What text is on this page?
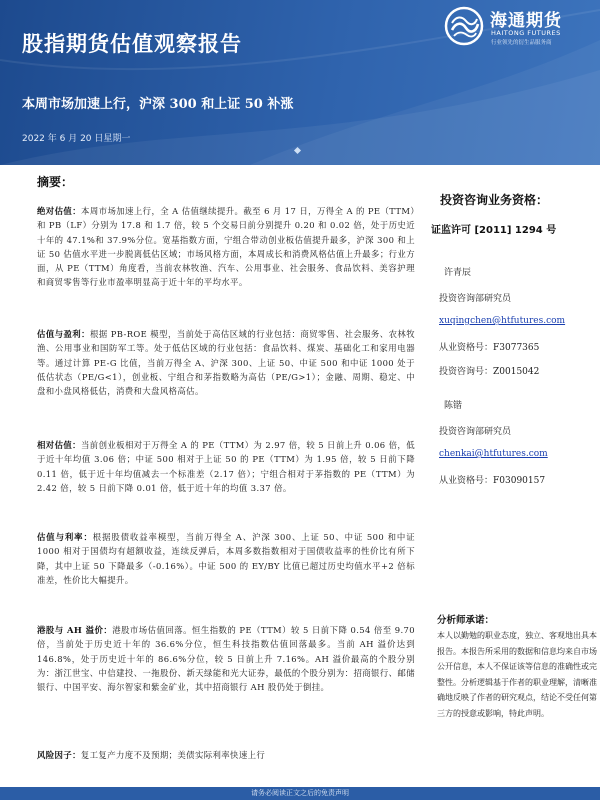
股指期货估值观察报告
本周市场加速上行，沪深 300 和上证 50 补涨
2022 年 6 月 20 日星期一
海通期货
HAITONG FUTURES
行业领先的衍生品服务商
摘要：

绝对估值：本周市场加速上行，全 A 估值继续提升。截至 6 月 17 日，万得全 A 的 PE（TTM）和 PB（LF）分别为 17.8 和 1.7 倍，较 5 个交易日前分别提升 0.20 和 0.02 倍，处于历史近十年的 47.1%和 37.9%分位。宽基指数方面，宁组合带动创业板估值提升最多，沪深 300 和上证 50 估值水平进一步脱离低估区域；市场风格方面，本周成长和消费风格估值上升最多；行业方面，从 PE（TTM）角度看，当前农林牧渔、汽车、公用事业、社会服务、食品饮料、美容护理和商贸零售等行业市盈率明显高于近十年的平均水平。

估值与盈利：根据 PB-ROE 模型，当前处于高估区域的行业包括：商贸零售、社会服务、农林牧渔、公用事业和国防军工等。处于低估区域的行业包括：食品饮料、煤炭、基础化工和家用电器等。通过计算 PE-G 比值，当前万得全 A、沪深 300、上证 50、中证 500 和中证 1000 处于低估状态（PE/G<1），创业板、宁组合和茅指数略为高估（PE/G>1）；金融、周期、稳定、中盘和小盘风格低估，消费和大盘风格高估。

相对估值：当前创业板相对于万得全 A 的 PE（TTM）为 2.97 倍，较 5 日前上升 0.06 倍，低于近十年均值 3.06 倍；中证 500 相对于上证 50 的 PE（TTM）为 1.95 倍，较 5 日前下降 0.11 倍，低于近十年均值减去一个标准差（2.17 倍）；宁组合相对于茅指数的 PE（TTM）为 2.42 倍，较 5 日前下降 0.01 倍，低于近十年的均值 3.37 倍。

估值与利率：根据股债收益率模型，当前万得全 A、沪深 300、上证 50、中证 500 和中证 1000 相对于国债均有超额收益，连续反弹后，本周多数指数相对于国债收益率的性价比有所下降，其中上证 50 下降最多（-0.16%）。中证 500 的 EY/BY 比值已超过历史均值水平+2 倍标准差，性价比大幅提升。

港股与 AH 溢价：港股市场估值回落。恒生指数的 PE（TTM）较 5 日前下降 0.54 倍至 9.70 倍，当前处于历史近十年的 36.6%分位，恒生科技指数估值回落最多。当前 AH 溢价达到 146.8%，处于历史近十年的 86.6%分位，较 5 日前上升 7.16%。AH 溢价最高的个股分别为：浙江世宝、中信建投、一拖股份、新天绿能和光大证券，最低的个股分别为：招商银行、邮储银行、中国平安、海尔智家和紫金矿业，其中招商银行 AH 股仍处于倒挂。

风险因子：复工复产力度不及预期；美债实际利率快速上行

投资咨询业务资格：
证监许可 [2011] 1294 号
许青辰
投资咨询部研究员
xuqingchen@htfutures.com
从业资格号：F3077365
投资咨询号：Z0015042
陈锴
投资咨询部研究员
chenkai@htfutures.com
从业资格号：F03090157
分析师承诺：
本人以勤勉的职业态度，独立、客观地出具本报告。本报告所采用的数据和信息均来自市场公开信息，本人不保证该等信息的准确性或完整性。分析逻辑基于作者的职业理解，清晰准确地反映了作者的研究观点，结论不受任何第三方的授意或影响，特此声明。
请务必阅读正文之后的免责声明
